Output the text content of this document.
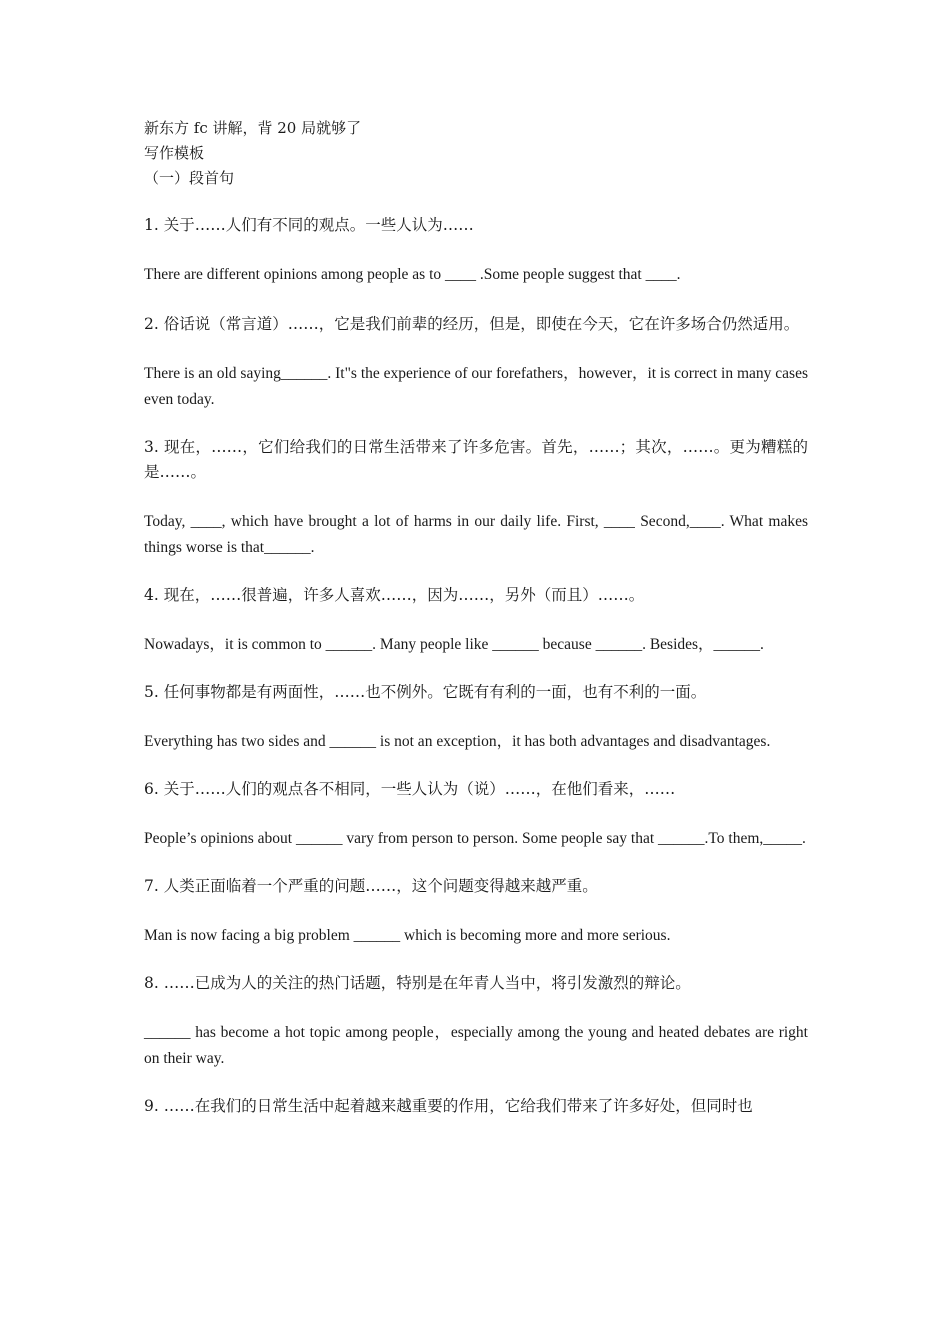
新东方 fc 讲解，背 20 局就够了

写作模板

（一）段首句

1. 关于……人们有不同的观点。一些人认为……

There are different opinions among people as to ____ .Some people suggest that ____.

2. 俗话说（常言道）……，它是我们前辈的经历，但是，即使在今天，它在许多场合仍然适用。

There is an old saying______. It"s the experience of our forefathers，however，it is correct in many cases even today.

3. 现在，……，它们给我们的日常生活带来了许多危害。首先，……；其次，……。更为糟糕的是……。

Today, ____, which have brought a lot of harms in our daily life. First, ____ Second,____. What makes things worse is that______.

4. 现在，……很普遍，许多人喜欢……，因为……，另外（而且）……。

Nowadays，it is common to ______. Many people like ______ because ______. Besides，______.

5. 任何事物都是有两面性，……也不例外。它既有有利的一面，也有不利的一面。

Everything has two sides and ______ is not an exception，it has both advantages and disadvantages.

6. 关于……人们的观点各不相同，一些人认为（说）……，在他们看来，……

People’s opinions about ______ vary from person to person. Some people say that ______.To them,_____.

7. 人类正面临着一个严重的问题……，这个问题变得越来越严重。

Man is now facing a big problem ______ which is becoming more and more serious.

8. ……已成为人的关注的热门话题，特别是在年青人当中，将引发激烈的辩论。

______ has become a hot topic among people，especially among the young and heated debates are right on their way.

9. ……在我们的日常生活中起着越来越重要的作用，它给我们带来了许多好处，但同时也
